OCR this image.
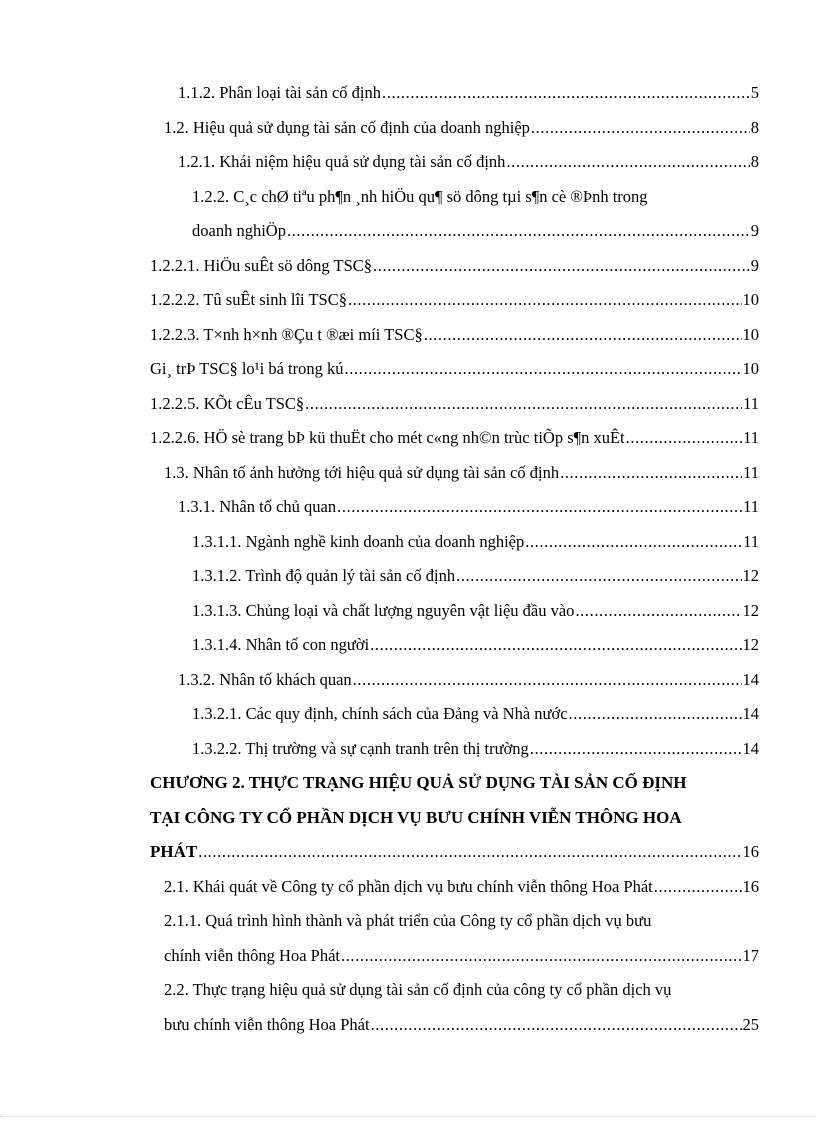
1.1.2. Phân loại tài sản cố định .....	5
1.2. Hiệu quả sử dụng tài sản cố định của doanh nghiệp .....	8
1.2.1. Khái niệm hiệu quả sử dụng tài sản cố định .....	8
1.2.2. C¸c chØ tiªu ph¶n ¸nh hiÖu qu¶ sö dông tµi s¶n cè ®Þnh trong
doanh nghiÖp .....	9
1.2.2.1. HiÖu suÊt sö dông TSC§ .....	9
1.2.2.2. Tû suÊt sinh lîi TSC§ .....	10
1.2.2.3. T×nh h×nh ®Çu t ®æi míi TSC§ .....	10
Gi¸ trÞ TSC§ lo¹i bá trong kú .....	10
1.2.2.5. KÕt cÊu TSC§ .....	11
1.2.2.6. HÖ sè trang bÞ kü thuËt cho mét c«ng nh©n trùc tiÕp s¶n xuÊt .....	11
1.3. Nhân tố ảnh hưởng tới hiệu quả sử dụng tài sản cố định .....	11
1.3.1. Nhân tố chủ quan .....	11
1.3.1.1. Ngành nghề kinh doanh của doanh nghiệp .....	11
1.3.1.2. Trình độ quản lý tài sản cố định .....	12
1.3.1.3. Chủng loại và chất lượng nguyên vật liệu đầu vào .....	12
1.3.1.4. Nhân tố con người .....	12
1.3.2. Nhân tố khách quan .....	14
1.3.2.1. Các quy định, chính sách của Đảng và Nhà nước .....	14
1.3.2.2. Thị trường và sự cạnh tranh trên thị trường .....	14
CHƯƠNG 2. THỰC TRẠNG HIỆU QUẢ SỬ DỤNG TÀI SẢN CỐ ĐỊNH
TẠI CÔNG TY CỔ PHẦN DỊCH VỤ BƯU CHÍNH VIỄN THÔNG HOA
PHÁT .....	16
2.1. Khái quát về Công ty cổ phần dịch vụ bưu chính viễn thông Hoa Phát .....	16
2.1.1. Quá trình hình thành và phát triển của Công ty cổ phần dịch vụ bưu
chính viễn thông Hoa Phát .....	17
2.2. Thực trạng hiệu quả sử dụng tài sản cố định của công ty cổ phần dịch vụ
bưu chính viễn thông Hoa Phát .....	25
